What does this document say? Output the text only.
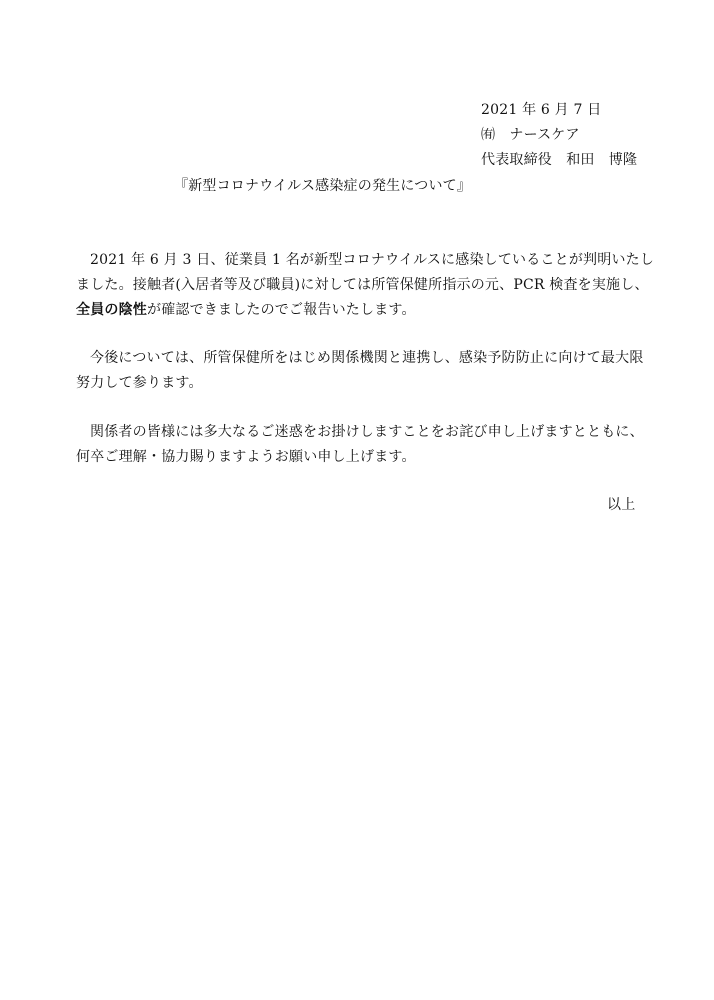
2021 年 6 月 7 日
㈲　ナースケア
代表取締役　和田　博隆
『新型コロナウイルス感染症の発生について』
2021 年 6 月 3 日、従業員 1 名が新型コロナウイルスに感染していることが判明いたし
ました。接触者(入居者等及び職員)に対しては所管保健所指示の元、PCR 検査を実施し、
全員の陰性が確認できましたのでご報告いたします。
今後については、所管保健所をはじめ関係機関と連携し、感染予防防止に向けて最大限
努力して参ります。
関係者の皆様には多大なるご迷惑をお掛けしますことをお詫び申し上げますとともに、
何卒ご理解・協力賜りますようお願い申し上げます。
以上
